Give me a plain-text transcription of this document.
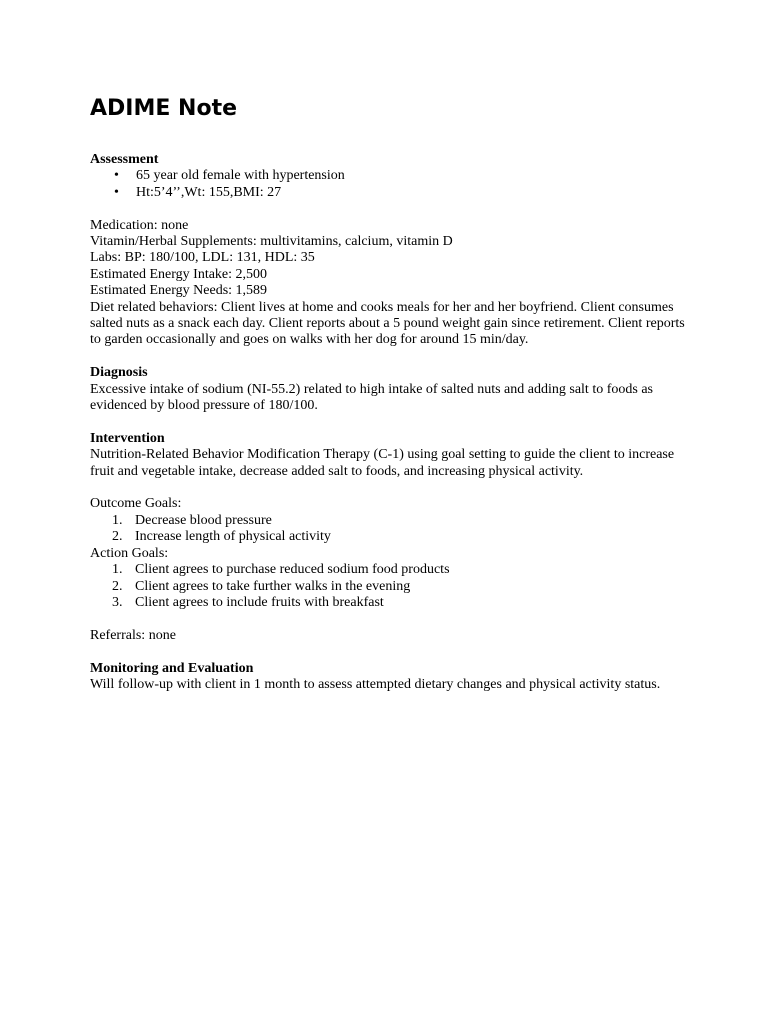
ADIME Note

Assessment

• 65 year old female with hypertension
• Ht:5’4’’,Wt: 155,BMI: 27

Medication: none

Vitamin/Herbal Supplements: multivitamins, calcium, vitamin D

Labs: BP: 180/100, LDL: 131, HDL: 35

Estimated Energy Intake: 2,500

Estimated Energy Needs: 1,589

Diet related behaviors: Client lives at home and cooks meals for her and her boyfriend. Client consumes salted nuts as a snack each day. Client reports about a 5 pound weight gain since retirement. Client reports to garden occasionally and goes on walks with her dog for around 15 min/day.

Diagnosis

Excessive intake of sodium (NI-55.2) related to high intake of salted nuts and adding salt to foods as evidenced by blood pressure of 180/100.

Intervention

Nutrition-Related Behavior Modification Therapy (C-1) using goal setting to guide the client to increase fruit and vegetable intake, decrease added salt to foods, and increasing physical activity.

Outcome Goals:

1. Decrease blood pressure
2. Increase length of physical activity

Action Goals:

1. Client agrees to purchase reduced sodium food products
2. Client agrees to take further walks in the evening
3. Client agrees to include fruits with breakfast

Referrals: none

Monitoring and Evaluation

Will follow-up with client in 1 month to assess attempted dietary changes and physical activity status.
